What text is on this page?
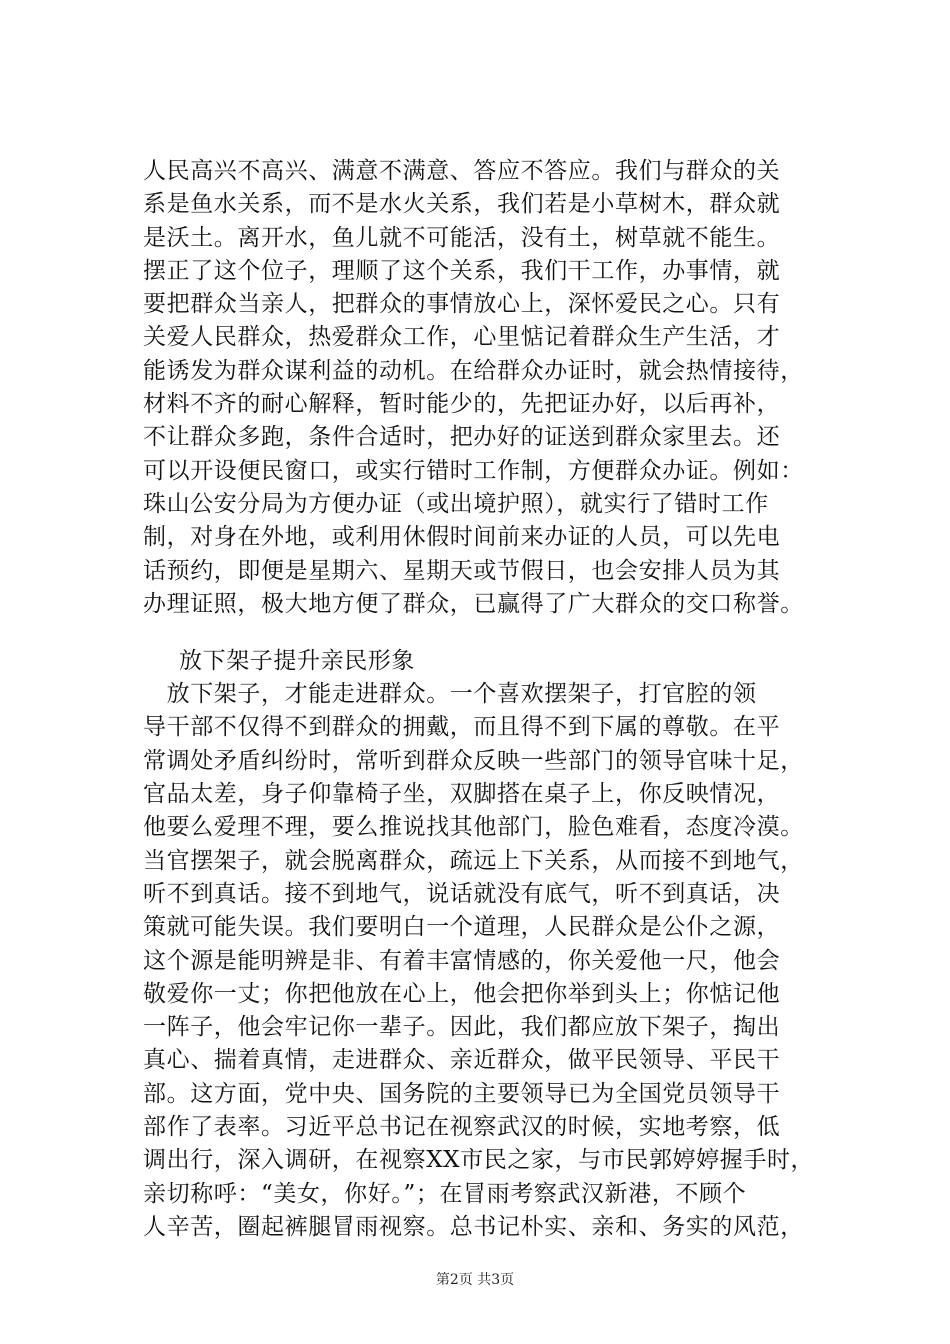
人民高兴不高兴、满意不满意、答应不答应。我们与群众的关
系是鱼水关系，而不是水火关系，我们若是小草树木，群众就
是沃土。离开水，鱼儿就不可能活，没有土，树草就不能生。
摆正了这个位子，理顺了这个关系，我们干工作，办事情，就
要把群众当亲人，把群众的事情放心上，深怀爱民之心。只有
关爱人民群众，热爱群众工作，心里惦记着群众生产生活，才
能诱发为群众谋利益的动机。在给群众办证时，就会热情接待，
材料不齐的耐心解释，暂时能少的，先把证办好，以后再补，
不让群众多跑，条件合适时，把办好的证送到群众家里去。还
可以开设便民窗口，或实行错时工作制，方便群众办证。例如：
珠山公安分局为方便办证（或出境护照），就实行了错时工作
制，对身在外地，或利用休假时间前来办证的人员，可以先电
话预约，即便是星期六、星期天或节假日，也会安排人员为其
办理证照，极大地方便了群众，已赢得了广大群众的交口称誉。
放下架子提升亲民形象
　放下架子，才能走进群众。一个喜欢摆架子，打官腔的领
导干部不仅得不到群众的拥戴，而且得不到下属的尊敬。在平
常调处矛盾纠纷时，常听到群众反映一些部门的领导官味十足，
官品太差，身子仰靠椅子坐，双脚搭在桌子上，你反映情况，
他要么爱理不理，要么推说找其他部门，脸色难看，态度冷漠。
当官摆架子，就会脱离群众，疏远上下关系，从而接不到地气，
听不到真话。接不到地气，说话就没有底气，听不到真话，决
策就可能失误。我们要明白一个道理，人民群众是公仆之源，
这个源是能明辨是非、有着丰富情感的，你关爱他一尺，他会
敬爱你一丈；你把他放在心上，他会把你举到头上；你惦记他
一阵子，他会牢记你一辈子。因此，我们都应放下架子，掏出
真心、揣着真情，走进群众、亲近群众，做平民领导、平民干
部。这方面，党中央、国务院的主要领导已为全国党员领导干
部作了表率。习近平总书记在视察武汉的时候，实地考察，低
调出行，深入调研，在视察XX市民之家，与市民郭婷婷握手时，
亲切称呼：“美女，你好。”；在冒雨考察武汉新港，不顾个
人辛苦，圈起裤腿冒雨视察。总书记朴实、亲和、务实的风范，
第2页 共3页
